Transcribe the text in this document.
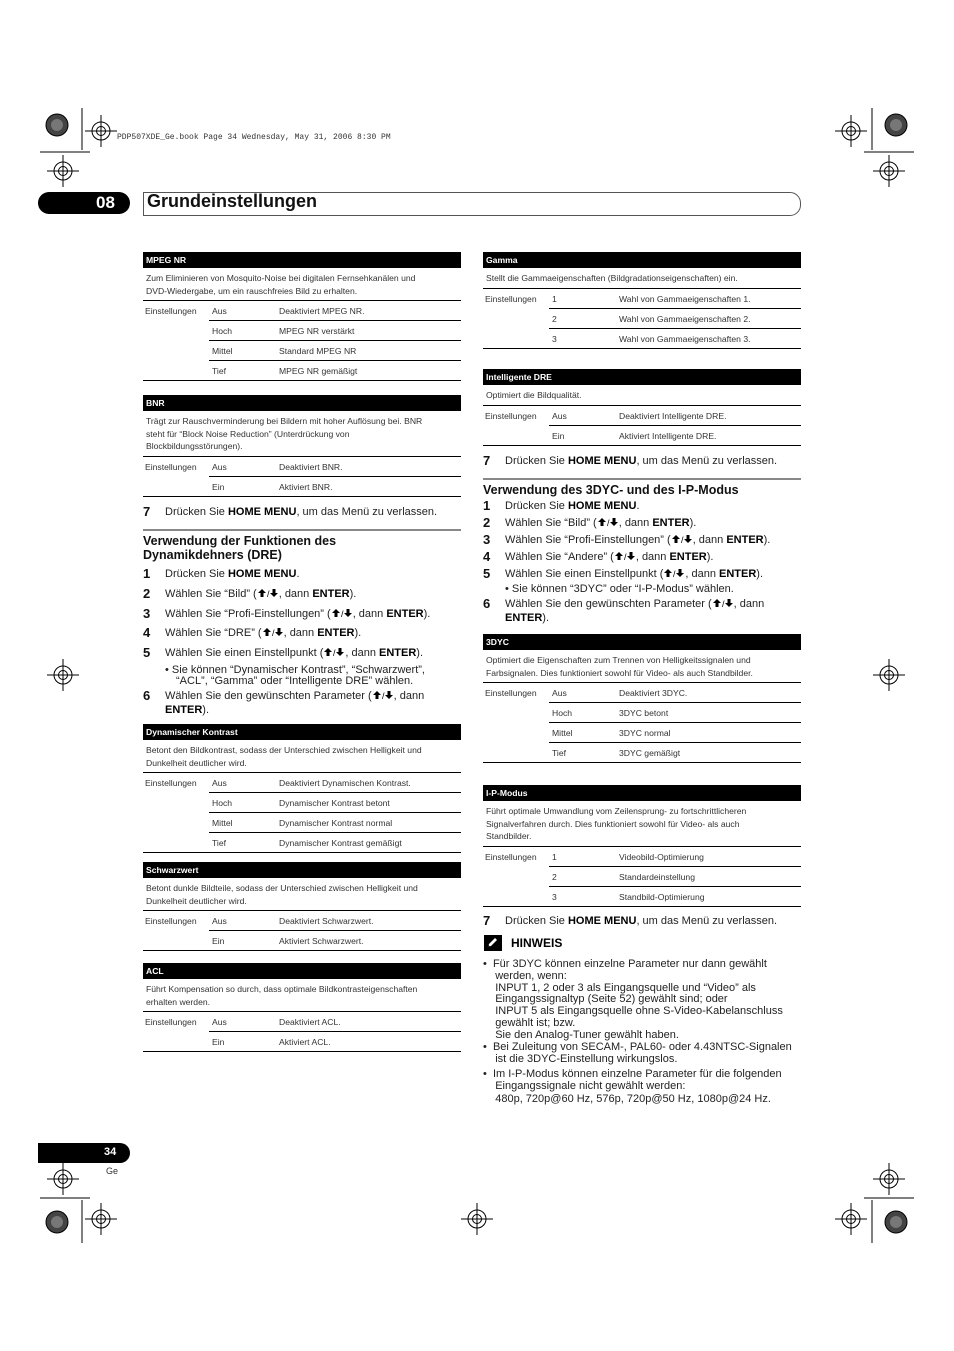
PDP507XDE_Ge.book Page 34 Wednesday, May 31, 2006 8:30 PM
08 Grundeinstellungen
MPEG NR
Zum Eliminieren von Mosquito-Noise bei digitalen Fernsehkanälen und
DVD-Wiedergabe, um ein rauschfreies Bild zu erhalten.
Einstellungen Aus	Deaktiviert MPEG NR.
Hoch	MPEG NR verstärkt
Mittel	Standard MPEG NR
Tief	MPEG NR gemäßigt
BNR
Trägt zur Rauschverminderung bei Bildern mit hoher Auflösung bei. BNR
steht für “Block Noise Reduction” (Unterdrückung von
Blockbildungsstörungen).
Einstellungen Aus	Deaktiviert BNR.
Ein	Aktiviert BNR.
7 Drücken Sie HOME MENU, um das Menü zu verlassen.
Verwendung der Funktionen des
Dynamikdehners (DRE)
1 Drücken Sie HOME MENU.
2 Wählen Sie “Bild” ( / , dann ENTER).
3 Wählen Sie “Profi-Einstellungen” ( / , dann ENTER).
4 Wählen Sie “DRE” ( / , dann ENTER).
5 Wählen Sie einen Einstellpunkt ( / , dann ENTER).
• Sie können “Dynamischer Kontrast”, “Schwarzwert”,
“ACL”, “Gamma” oder “Intelligente DRE” wählen.
6 Wählen Sie den gewünschten Parameter ( / , dann
ENTER).
Dynamischer Kontrast
Betont den Bildkontrast, sodass der Unterschied zwischen Helligkeit und
Dunkelheit deutlicher wird.
Einstellungen Aus	Deaktiviert Dynamischen Kontrast.
Hoch	Dynamischer Kontrast betont
Mittel	Dynamischer Kontrast normal
Tief	Dynamischer Kontrast gemäßigt
Schwarzwert
Betont dunkle Bildteile, sodass der Unterschied zwischen Helligkeit und
Dunkelheit deutlicher wird.
Einstellungen Aus	Deaktiviert Schwarzwert.
Ein	Aktiviert Schwarzwert.
ACL
Führt Kompensation so durch, dass optimale Bildkontrasteigenschaften
erhalten werden.
Einstellungen Aus	Deaktiviert ACL.
Ein	Aktiviert ACL.
Gamma
Stellt die Gammaeigenschaften (Bildgradationseigenschaften) ein.
Einstellungen 1	Wahl von Gammaeigenschaften 1.
2	Wahl von Gammaeigenschaften 2.
3	Wahl von Gammaeigenschaften 3.
Intelligente DRE
Optimiert die Bildqualität.
Einstellungen Aus	Deaktiviert Intelligente DRE.
Ein	Aktiviert Intelligente DRE.
7 Drücken Sie HOME MENU, um das Menü zu verlassen.
Verwendung des 3DYC- und des I-P-Modus
1 Drücken Sie HOME MENU.
2 Wählen Sie “Bild” ( / , dann ENTER).
3 Wählen Sie “Profi-Einstellungen” ( / , dann ENTER).
4 Wählen Sie “Andere” ( / , dann ENTER).
5 Wählen Sie einen Einstellpunkt ( / , dann ENTER).
• Sie können “3DYC” oder “I-P-Modus” wählen.
6 Wählen Sie den gewünschten Parameter ( / , dann
ENTER).
3DYC
Optimiert die Eigenschaften zum Trennen von Helligkeitssignalen und
Farbsignalen. Dies funktioniert sowohl für Video- als auch Standbilder.
Einstellungen Aus	Deaktiviert 3DYC.
Hoch	3DYC betont
Mittel	3DYC normal
Tief	3DYC gemäßigt
I-P-Modus
Führt optimale Umwandlung vom Zeilensprung- zu fortschrittlicheren
Signalverfahren durch. Dies funktioniert sowohl für Video- als auch
Standbilder.
Einstellungen 1	Videobild-Optimierung
2	Standardeinstellung
3	Standbild-Optimierung
7 Drücken Sie HOME MENU, um das Menü zu verlassen.
HINWEIS
•  Für 3DYC können einzelne Parameter nur dann gewählt
werden, wenn:
INPUT 1, 2 oder 3 als Eingangsquelle und “Video” als
Eingangssignaltyp (Seite 52) gewählt sind; oder
INPUT 5 als Eingangsquelle ohne S-Video-Kabelanschluss
gewählt ist; bzw.
Sie den Analog-Tuner gewählt haben.
•  Bei Zuleitung von SECAM-, PAL60- oder 4.43NTSC-Signalen
ist die 3DYC-Einstellung wirkungslos.
•  Im I-P-Modus können einzelne Parameter für die folgenden
Eingangssignale nicht gewählt werden:
480p, 720p@60 Hz, 576p, 720p@50 Hz, 1080p@24 Hz.
34
Ge
